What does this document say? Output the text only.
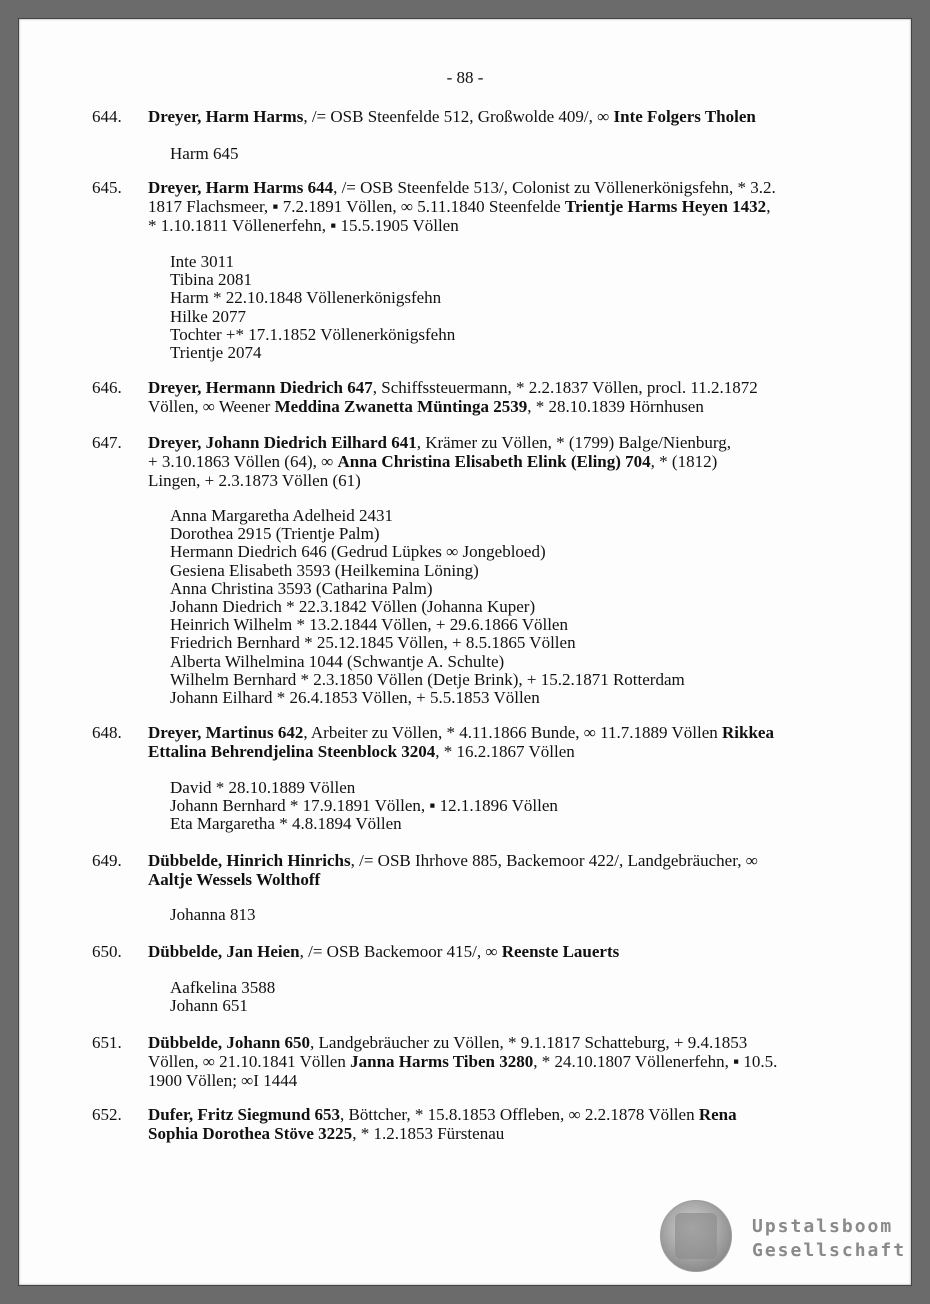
- 88 -
644. Dreyer, Harm Harms, /= OSB Steenfelde 512, Großwolde 409/, ∞ Inte Folgers Tholen
Harm 645
645. Dreyer, Harm Harms 644, /= OSB Steenfelde 513/, Colonist zu Völlenerkönigsfehn, * 3.2.
1817 Flachsmeer, ▪ 7.2.1891 Völlen, ∞ 5.11.1840 Steenfelde Trientje Harms Heyen 1432,
* 1.10.1811 Völlenerfehn, ▪ 15.5.1905 Völlen
Inte 3011
Tibina 2081
Harm * 22.10.1848 Völlenerkönigsfehn
Hilke 2077
Tochter +* 17.1.1852 Völlenerkönigsfehn
Trientje 2074
646. Dreyer, Hermann Diedrich 647, Schiffssteuermann, * 2.2.1837 Völlen, procl. 11.2.1872
Völlen, ∞ Weener Meddina Zwanetta Müntinga 2539, * 28.10.1839 Hörnhusen
647. Dreyer, Johann Diedrich Eilhard 641, Krämer zu Völlen, * (1799) Balge/Nienburg,
+ 3.10.1863 Völlen (64), ∞ Anna Christina Elisabeth Elink (Eling) 704, * (1812)
Lingen, + 2.3.1873 Völlen (61)
Anna Margaretha Adelheid 2431
Dorothea 2915 (Trientje Palm)
Hermann Diedrich 646 (Gedrud Lüpkes ∞ Jongebloed)
Gesiena Elisabeth 3593 (Heilkemina Löning)
Anna Christina 3593 (Catharina Palm)
Johann Diedrich * 22.3.1842 Völlen (Johanna Kuper)
Heinrich Wilhelm * 13.2.1844 Völlen, + 29.6.1866 Völlen
Friedrich Bernhard * 25.12.1845 Völlen, + 8.5.1865 Völlen
Alberta Wilhelmina 1044 (Schwantje A. Schulte)
Wilhelm Bernhard * 2.3.1850 Völlen (Detje Brink), + 15.2.1871 Rotterdam
Johann Eilhard * 26.4.1853 Völlen, + 5.5.1853 Völlen
648. Dreyer, Martinus 642, Arbeiter zu Völlen, * 4.11.1866 Bunde, ∞ 11.7.1889 Völlen Rikkea
Ettalina Behrendjelina Steenblock 3204, * 16.2.1867 Völlen
David * 28.10.1889 Völlen
Johann Bernhard * 17.9.1891 Völlen, ▪ 12.1.1896 Völlen
Eta Margaretha * 4.8.1894 Völlen
649. Dübbelde, Hinrich Hinrichs, /= OSB Ihrhove 885, Backemoor 422/, Landgebräucher, ∞
Aaltje Wessels Wolthoff
Johanna 813
650. Dübbelde, Jan Heien, /= OSB Backemoor 415/, ∞ Reenste Lauerts
Aafkelina 3588
Johann 651
651. Dübbelde, Johann 650, Landgebräucher zu Völlen, * 9.1.1817 Schatteburg, + 9.4.1853
Völlen, ∞ 21.10.1841 Völlen Janna Harms Tiben 3280, * 24.10.1807 Völlenerfehn, ▪ 10.5.
1900 Völlen; ∞I 1444
652. Dufer, Fritz Siegmund 653, Böttcher, * 15.8.1853 Offleben, ∞ 2.2.1878 Völlen Rena
Sophia Dorothea Stöve 3225, * 1.2.1853 Fürstenau
Upstalsboom
Gesellschaft
